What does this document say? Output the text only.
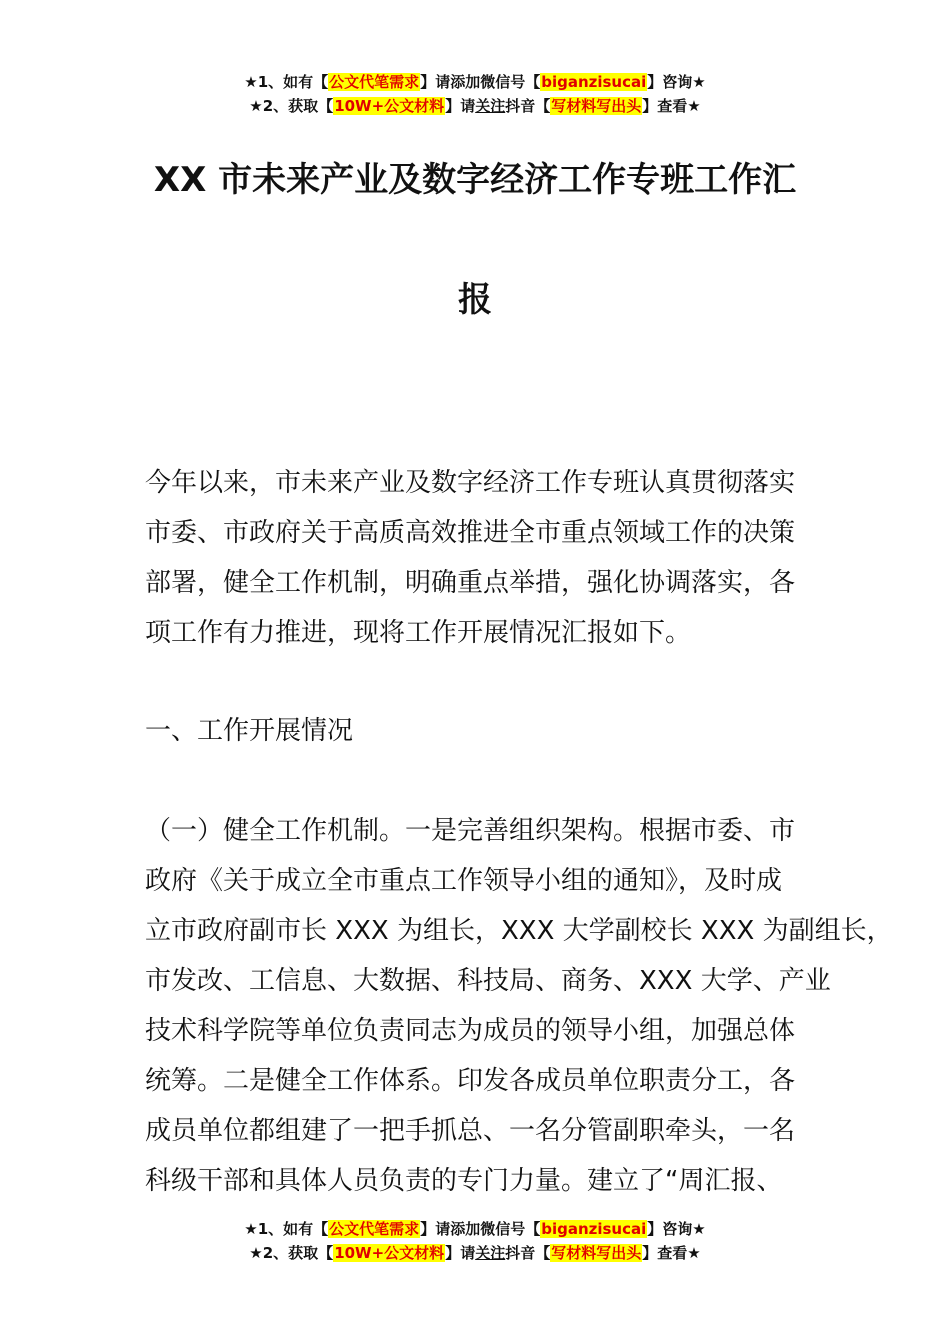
★1、如有【公文代笔需求】请添加微信号【biganzisucai】咨询★
★2、获取【10W+公文材料】请关注抖音【写材料写出头】查看★
XX 市未来产业及数字经济工作专班工作汇
报

今年以来，市未来产业及数字经济工作专班认真贯彻落实

市委、市政府关于高质高效推进全市重点领域工作的决策

部署，健全工作机制，明确重点举措，强化协调落实，各

项工作有力推进，现将工作开展情况汇报如下。

一、工作开展情况

（一）健全工作机制。一是完善组织架构。根据市委、市

政府《关于成立全市重点工作领导小组的通知》，及时成

立市政府副市长 XXX 为组长，XXX 大学副校长 XXX 为副组长，

市发改、工信息、大数据、科技局、商务、XXX 大学、产业

技术科学院等单位负责同志为成员的领导小组，加强总体

统筹。二是健全工作体系。印发各成员单位职责分工，各

成员单位都组建了一把手抓总、一名分管副职牵头，一名

科级干部和具体人员负责的专门力量。建立了“周汇报、

★1、如有【公文代笔需求】请添加微信号【biganzisucai】咨询★
★2、获取【10W+公文材料】请关注抖音【写材料写出头】查看★
